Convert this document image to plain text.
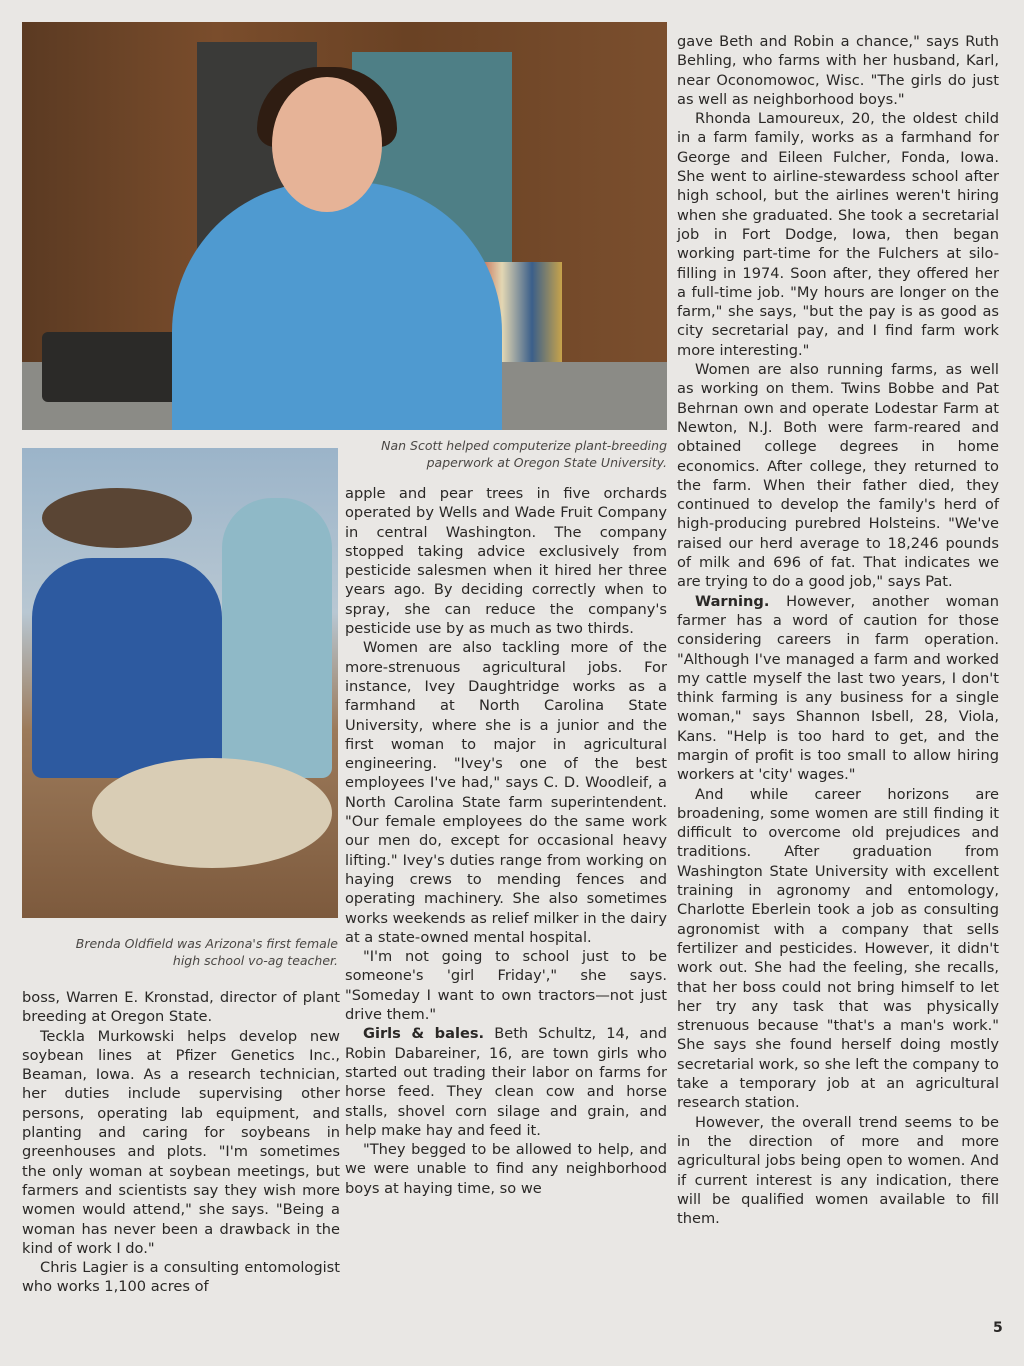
Nan Scott helped computerize plant-breeding paperwork at Oregon State University.
Brenda Oldfield was Arizona's first female high school vo-ag teacher.

boss, Warren E. Kronstad, director of plant breeding at Oregon State.

Teckla Murkowski helps develop new soybean lines at Pfizer Genetics Inc., Beaman, Iowa. As a research technician, her duties include supervising other persons, operating lab equipment, and planting and caring for soybeans in greenhouses and plots. "I'm sometimes the only woman at soybean meetings, but farmers and scientists say they wish more women would attend," she says. "Being a woman has never been a drawback in the kind of work I do."

Chris Lagier is a consulting entomologist who works 1,100 acres of

apple and pear trees in five orchards operated by Wells and Wade Fruit Company in central Washington. The company stopped taking advice exclusively from pesticide salesmen when it hired her three years ago. By deciding correctly when to spray, she can reduce the company's pesticide use by as much as two thirds.

Women are also tackling more of the more-strenuous agricultural jobs. For instance, Ivey Daughtridge works as a farmhand at North Carolina State University, where she is a junior and the first woman to major in agricultural engineering. "Ivey's one of the best employees I've had," says C. D. Woodleif, a North Carolina State farm superintendent. "Our female employees do the same work our men do, except for occasional heavy lifting." Ivey's duties range from working on haying crews to mending fences and operating machinery. She also sometimes works weekends as relief milker in the dairy at a state-owned mental hospital.

"I'm not going to school just to be someone's 'girl Friday'," she says. "Someday I want to own tractors—not just drive them."

Girls & bales. Beth Schultz, 14, and Robin Dabareiner, 16, are town girls who started out trading their labor on farms for horse feed. They clean cow and horse stalls, shovel corn silage and grain, and help make hay and feed it.

"They begged to be allowed to help, and we were unable to find any neighborhood boys at haying time, so we

gave Beth and Robin a chance," says Ruth Behling, who farms with her husband, Karl, near Oconomowoc, Wisc. "The girls do just as well as neighborhood boys."

Rhonda Lamoureux, 20, the oldest child in a farm family, works as a farmhand for George and Eileen Fulcher, Fonda, Iowa. She went to airline-stewardess school after high school, but the airlines weren't hiring when she graduated. She took a secretarial job in Fort Dodge, Iowa, then began working part-time for the Fulchers at silo-filling in 1974. Soon after, they offered her a full-time job. "My hours are longer on the farm," she says, "but the pay is as good as city secretarial pay, and I find farm work more interesting."

Women are also running farms, as well as working on them. Twins Bobbe and Pat Behrnan own and operate Lodestar Farm at Newton, N.J. Both were farm-reared and obtained college degrees in home economics. After college, they returned to the farm. When their father died, they continued to develop the family's herd of high-producing purebred Holsteins. "We've raised our herd average to 18,246 pounds of milk and 696 of fat. That indicates we are trying to do a good job," says Pat.

Warning. However, another woman farmer has a word of caution for those considering careers in farm operation. "Although I've managed a farm and worked my cattle myself the last two years, I don't think farming is any business for a single woman," says Shannon Isbell, 28, Viola, Kans. "Help is too hard to get, and the margin of profit is too small to allow hiring workers at 'city' wages."

And while career horizons are broadening, some women are still finding it difficult to overcome old prejudices and traditions. After graduation from Washington State University with excellent training in agronomy and entomology, Charlotte Eberlein took a job as consulting agronomist with a company that sells fertilizer and pesticides. However, it didn't work out. She had the feeling, she recalls, that her boss could not bring himself to let her try any task that was physically strenuous because "that's a man's work." She says she found herself doing mostly secretarial work, so she left the company to take a temporary job at an agricultural research station.

However, the overall trend seems to be in the direction of more and more agricultural jobs being open to women. And if current interest is any indication, there will be qualified women available to fill them.

5
